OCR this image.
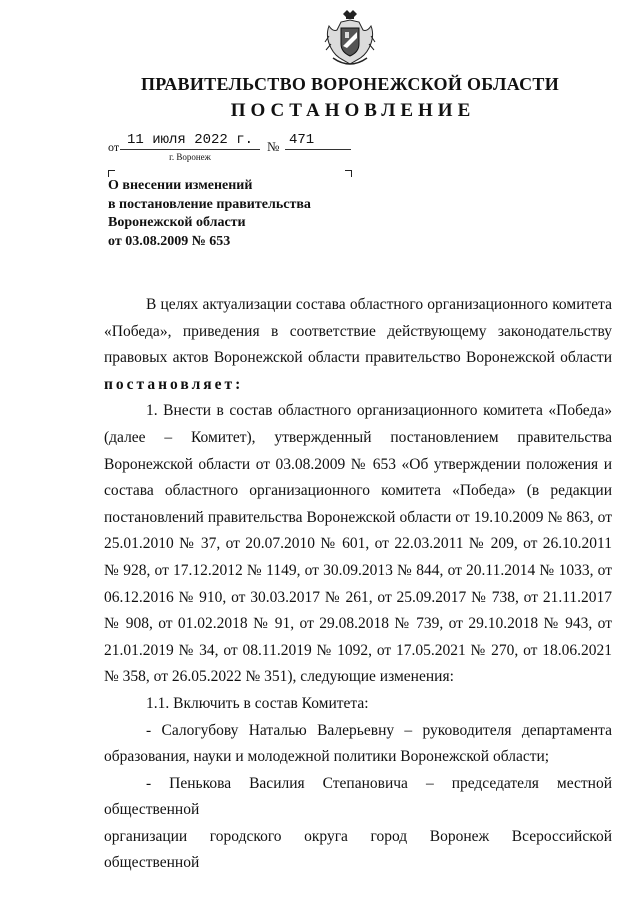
ПРАВИТЕЛЬСТВО ВОРОНЕЖСКОЙ ОБЛАСТИ
ПОСТАНОВЛЕНИЕ
от 11 июля 2022 г.	№ 471
г. Воронеж
О внесении изменений
в постановление правительства
Воронежской области
от 03.08.2009 № 653

В целях актуализации состава областного организационного комитета

«Победа», приведения в соответствие действующему законодательству

правовых актов Воронежской области правительство Воронежской области

постановляет:

1. Внести в состав областного организационного комитета «Победа»

(далее – Комитет), утвержденный постановлением правительства

Воронежской области от 03.08.2009 № 653 «Об утверждении положения и

состава областного организационного комитета «Победа» (в редакции

постановлений правительства Воронежской области от 19.10.2009 № 863, от

25.01.2010 № 37, от 20.07.2010 № 601, от 22.03.2011 № 209, от 26.10.2011

№ 928, от 17.12.2012 № 1149, от 30.09.2013 № 844, от 20.11.2014 № 1033, от

06.12.2016 № 910, от 30.03.2017 № 261, от 25.09.2017 № 738, от 21.11.2017

№ 908, от 01.02.2018 № 91, от 29.08.2018 № 739, от 29.10.2018 № 943, от

21.01.2019 № 34, от 08.11.2019 № 1092, от 17.05.2021 № 270, от 18.06.2021

№ 358, от 26.05.2022 № 351), следующие изменения:

1.1. Включить в состав Комитета:

- Салогубову Наталью Валерьевну – руководителя департамента

образования, науки и молодежной политики Воронежской области;

- Пенькова Василия Степановича – председателя местной общественной

организации городского округа город Воронеж Всероссийской общественной
